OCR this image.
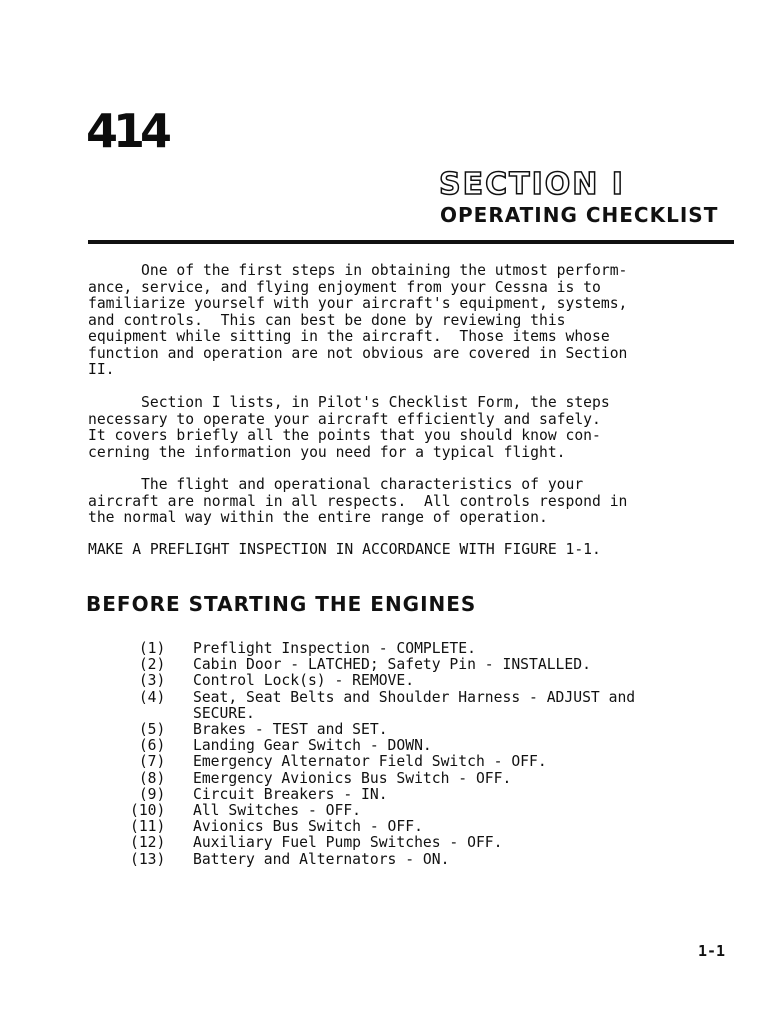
414
SECTION I
OPERATING CHECKLIST

One of the first steps in obtaining the utmost perform-
ance, service, and flying enjoyment from your Cessna is to
familiarize yourself with your aircraft's equipment, systems,
and controls.  This can best be done by reviewing this
equipment while sitting in the aircraft.  Those items whose
function and operation are not obvious are covered in Section
II.

Section I lists, in Pilot's Checklist Form, the steps
necessary to operate your aircraft efficiently and safely.
It covers briefly all the points that you should know con-
cerning the information you need for a typical flight.

The flight and operational characteristics of your
aircraft are normal in all respects.  All controls respond in
the normal way within the entire range of operation.

MAKE A PREFLIGHT INSPECTION IN ACCORDANCE WITH FIGURE 1-1.

BEFORE STARTING THE ENGINES
(1)	Preflight Inspection - COMPLETE.
(2)	Cabin Door - LATCHED; Safety Pin - INSTALLED.
(3)	Control Lock(s) - REMOVE.
(4)	Seat, Seat Belts and Shoulder Harness - ADJUST and
SECURE.
(5)	Brakes - TEST and SET.
(6)	Landing Gear Switch - DOWN.
(7)	Emergency Alternator Field Switch - OFF.
(8)	Emergency Avionics Bus Switch - OFF.
(9)	Circuit Breakers - IN.
(10)	All Switches - OFF.
(11)	Avionics Bus Switch - OFF.
(12)	Auxiliary Fuel Pump Switches - OFF.
(13)	Battery and Alternators - ON.
1-1
